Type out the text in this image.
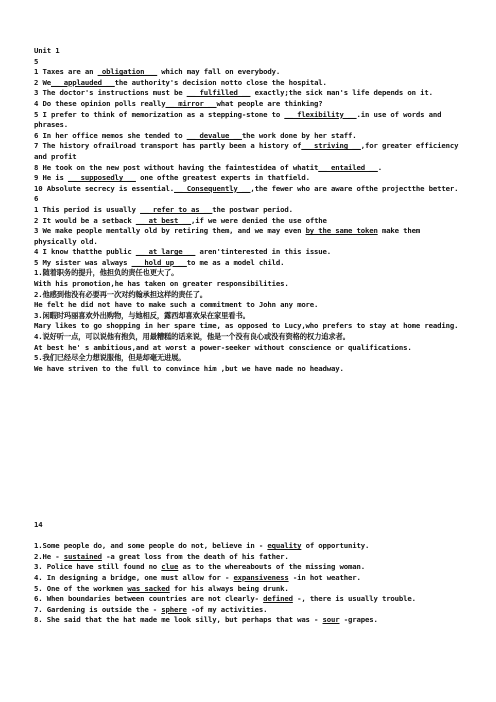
Unit 1

5

1 Taxes are an _obligation___ which may fall on everybody.

2 We__ applauded __the authority's decision notto close the hospital.

3 The doctor's instructions must be __ fulfilled __ exactly;the sick man's life depends on it.

4 Do these opinion polls really__ mirror __what people are thinking?

5 I prefer to think of memorization as a stepping-stone to __ flexibility __.in use of words and phrases.

6 In her office memos she tended to __ devalue __the work done by her staff.

7 The history ofrailroad transport has partly been a history of__ striving __,for greater efficiency and profit

8 He took on the new post without having the faintestidea of whatit__ entailed __.

9 He is __ supposedly __ one ofthe greatest experts in thatfield.

10 Absolute secrecy is essential.__ Consequently __,the fewer who are aware ofthe projectthe better.

6

1 This period is usually __ refer to as __the postwar period.

2 It would be a setback __ at best __,if we were denied the use ofthe

3 We make people mentally old by retiring them, and we may even by the same token make them physically old.

4 I know thatthe public __ at large __ aren'tinterested in this issue.

5 My sister was always __ hold up __to me as a model child.

1.随着职务的提升，他担负的责任也更大了。

With his promotion,he has taken on greater responsibilities.

2.他感到他没有必要再一次对约翰承担这样的责任了。

He felt he did not have to make such a commitment to John any more.

3.闲暇时玛丽喜欢外出购物，与她相反，露西却喜欢呆在家里看书。

Mary likes to go shopping in her spare time, as opposed to Lucy,who prefers to stay at home reading.

4.说好听一点，可以说他有抱负，用最糟糕的话来说，他是一个没有良心或没有资格的权力追求者。

At best he' s ambitious,and at worst a power-seeker without conscience or qualifications.

5.我们已经尽全力想说服他，但是却毫无进展。

We have striven to the full to convince him ,but we have made no headway.

14

1.Some people do, and some people do not, believe in - equality of opportunity.

2.He - sustained -a great loss from the death of his father.

3. Police have still found no clue as to the whereabouts of the missing woman.

4. In designing a bridge, one must allow for - expansiveness -in hot weather.

5. One of the workmen was sacked for his always being drunk.

6. When boundaries between countries are not clearly- defined -, there is usually trouble.

7. Gardening is outside the - sphere -of my activities.

8. She said that the hat made me look silly, but perhaps that was - sour -grapes.
